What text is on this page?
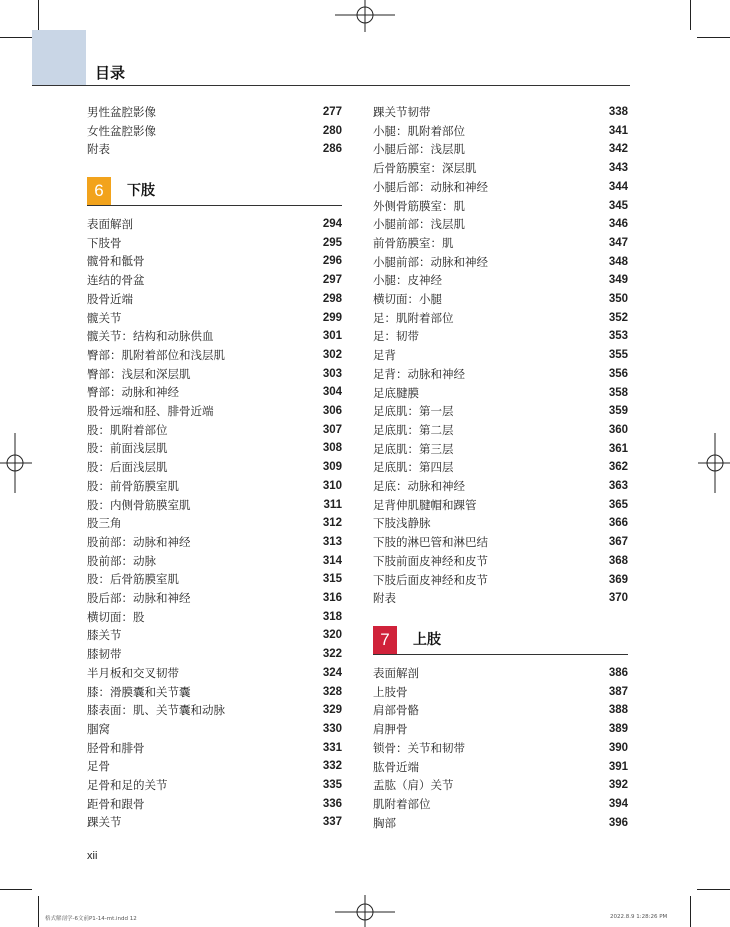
目录
男性盆腔影像	277
女性盆腔影像	280
附表	286
6	下肢
表面解剖	294
下肢骨	295
髋骨和骶骨	296
连结的骨盆	297
股骨近端	298
髋关节	299
髋关节：结构和动脉供血	301
臀部：肌附着部位和浅层肌	302
臀部：浅层和深层肌	303
臀部：动脉和神经	304
股骨远端和胫、腓骨近端	306
股：肌附着部位	307
股：前面浅层肌	308
股：后面浅层肌	309
股：前骨筋膜室肌	310
股：内侧骨筋膜室肌	311
股三角	312
股前部：动脉和神经	313
股前部：动脉	314
股：后骨筋膜室肌	315
股后部：动脉和神经	316
横切面：股	318
膝关节	320
膝韧带	322
半月板和交叉韧带	324
膝：滑膜囊和关节囊	328
膝表面：肌、关节囊和动脉	329
腘窝	330
胫骨和腓骨	331
足骨	332
足骨和足的关节	335
距骨和跟骨	336
踝关节	337
踝关节韧带	338
小腿：肌附着部位	341
小腿后部：浅层肌	342
后骨筋膜室：深层肌	343
小腿后部：动脉和神经	344
外侧骨筋膜室：肌	345
小腿前部：浅层肌	346
前骨筋膜室：肌	347
小腿前部：动脉和神经	348
小腿：皮神经	349
横切面：小腿	350
足：肌附着部位	352
足：韧带	353
足背	355
足背：动脉和神经	356
足底腱膜	358
足底肌：第一层	359
足底肌：第二层	360
足底肌：第三层	361
足底肌：第四层	362
足底：动脉和神经	363
足背伸肌腱帽和踝管	365
下肢浅静脉	366
下肢的淋巴管和淋巴结	367
下肢前面皮神经和皮节	368
下肢后面皮神经和皮节	369
附表	370
7	上肢
表面解剖	386
上肢骨	387
肩部骨骼	388
肩胛骨	389
锁骨：关节和韧带	390
肱骨近端	391
盂肱（肩）关节	392
肌附着部位	394
胸部	396
xii
格式解剖学-6文前P1-14-mt.indd 12	2022.8.9 1:28:26 PM
